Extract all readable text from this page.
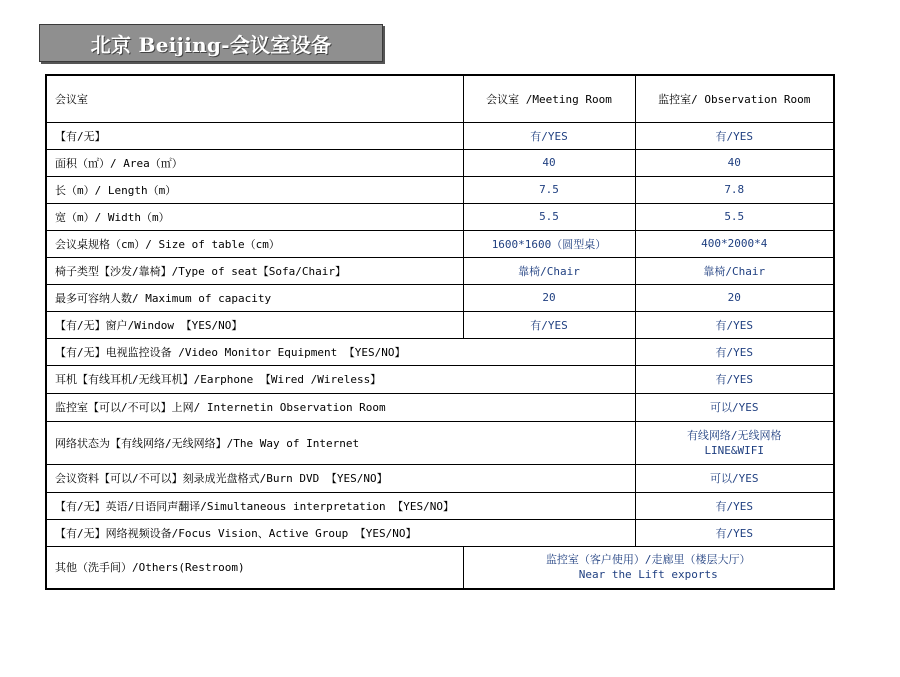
北京 Beijing-会议室设备
会议室	会议室 /Meeting Room	监控室/ Observation Room
【有/无】	有/YES	有/YES
面积（㎡）/ Area（㎡）	40	40
长（m）/ Length（m）	7.5	7.8
宽（m）/ Width（m）	5.5	5.5
会议桌规格（cm）/ Size of table（cm）	1600*1600（圆型桌）	400*2000*4
椅子类型【沙发/靠椅】/Type of seat【Sofa/Chair】	靠椅/Chair	靠椅/Chair
最多可容纳人数/ Maximum of capacity	20	20
【有/无】窗户/Window 【YES/NO】	有/YES	有/YES
【有/无】电视监控设备 /Video Monitor Equipment 【YES/NO】		有/YES
耳机【有线耳机/无线耳机】/Earphone 【Wired /Wireless】		有/YES
监控室【可以/不可以】上网/ Internetin Observation Room		可以/YES
网络状态为【有线网络/无线网络】/The Way of Internet		有线网络/无线网格
LINE&WIFI

会议资料【可以/不可以】刻录成光盘格式/Burn DVD 【YES/NO】		可以/YES
【有/无】英语/日语同声翻译/Simultaneous interpretation 【YES/NO】		有/YES
【有/无】网络视频设备/Focus Vision、Active Group 【YES/NO】		有/YES
其他（洗手间）/Others(Restroom)	监控室（客户使用）/走廊里（楼层大厅）
Near the Lift exports	
